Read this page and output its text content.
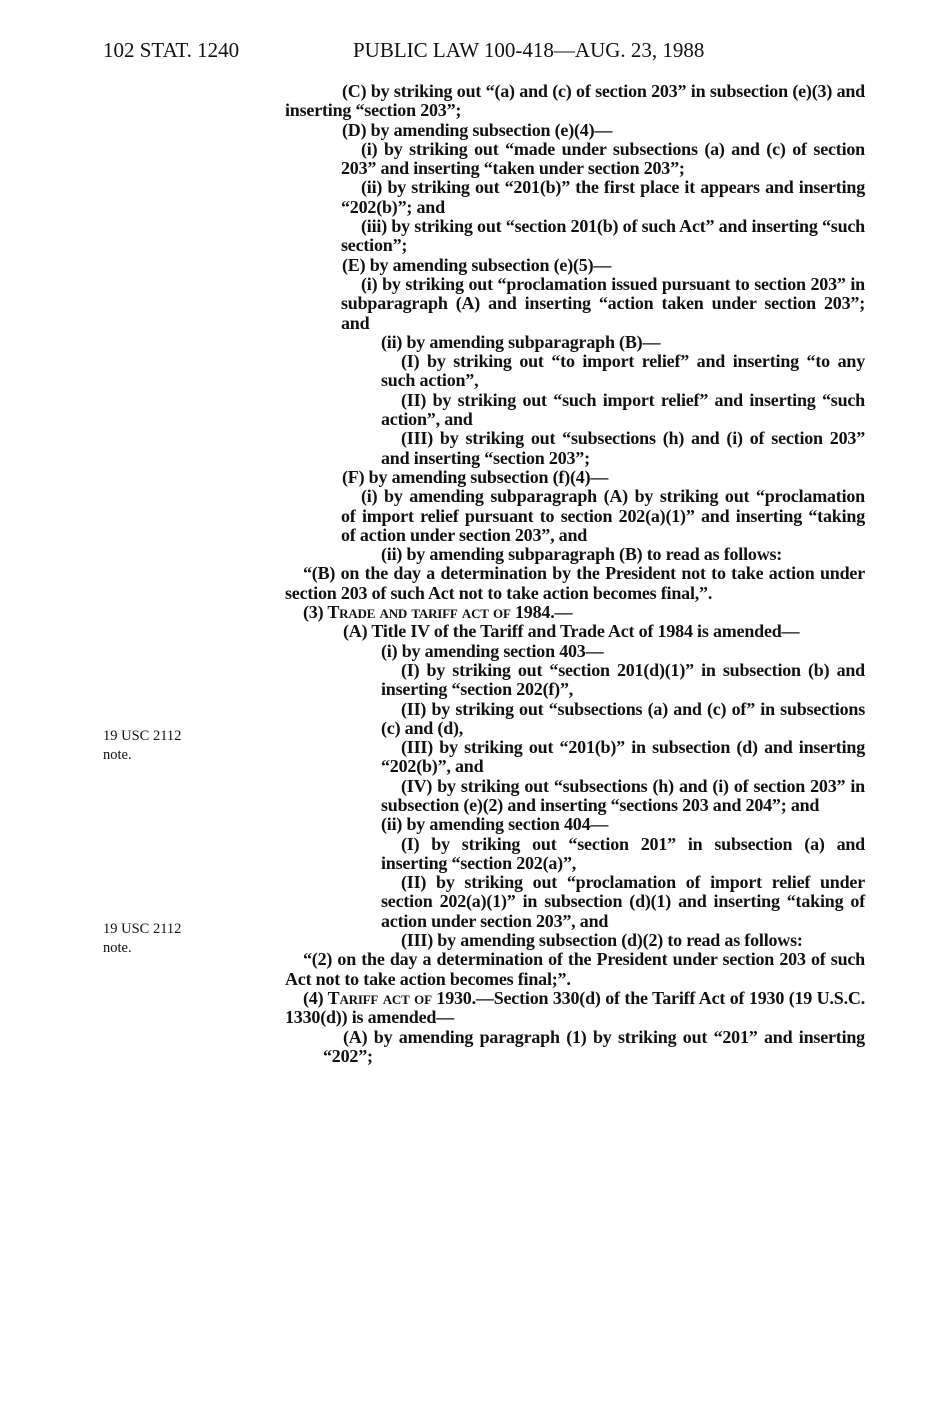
102 STAT. 1240	PUBLIC LAW 100-418—AUG. 23, 1988
19 USC 2112
note.
19 USC 2112
note.
(C) by striking out “(a) and (c) of section 203” in subsection (e)(3) and inserting “section 203”;
(D) by amending subsection (e)(4)—
(i) by striking out “made under subsections (a) and (c) of section 203” and inserting “taken under section 203”;
(ii) by striking out “201(b)” the first place it appears and inserting “202(b)”; and
(iii) by striking out “section 201(b) of such Act” and inserting “such section”;
(E) by amending subsection (e)(5)—
(i) by striking out “proclamation issued pursuant to section 203” in subparagraph (A) and inserting “action taken under section 203”; and
(ii) by amending subparagraph (B)—
(I) by striking out “to import relief” and inserting “to any such action”,
(II) by striking out “such import relief” and inserting “such action”, and
(III) by striking out “subsections (h) and (i) of section 203” and inserting “section 203”;
(F) by amending subsection (f)(4)—
(i) by amending subparagraph (A) by striking out “proclamation of import relief pursuant to section 202(a)(1)” and inserting “taking of action under section 203”, and
(ii) by amending subparagraph (B) to read as follows:
“(B) on the day a determination by the President not to take action under section 203 of such Act not to take action becomes final,”.
(3) Trade and tariff act of 1984.—
(A) Title IV of the Tariff and Trade Act of 1984 is amended—
(i) by amending section 403—
(I) by striking out “section 201(d)(1)” in subsection (b) and inserting “section 202(f)”,
(II) by striking out “subsections (a) and (c) of” in subsections (c) and (d),
(III) by striking out “201(b)” in subsection (d) and inserting “202(b)”, and
(IV) by striking out “subsections (h) and (i) of section 203” in subsection (e)(2) and inserting “sections 203 and 204”; and
(ii) by amending section 404—
(I) by striking out “section 201” in subsection (a) and inserting “section 202(a)”,
(II) by striking out “proclamation of import relief under section 202(a)(1)” in subsection (d)(1) and inserting “taking of action under section 203”, and
(III) by amending subsection (d)(2) to read as follows:
“(2) on the day a determination of the President under section 203 of such Act not to take action becomes final;”.
(4) Tariff act of 1930.—Section 330(d) of the Tariff Act of 1930 (19 U.S.C. 1330(d)) is amended—
(A) by amending paragraph (1) by striking out “201” and inserting “202”;
